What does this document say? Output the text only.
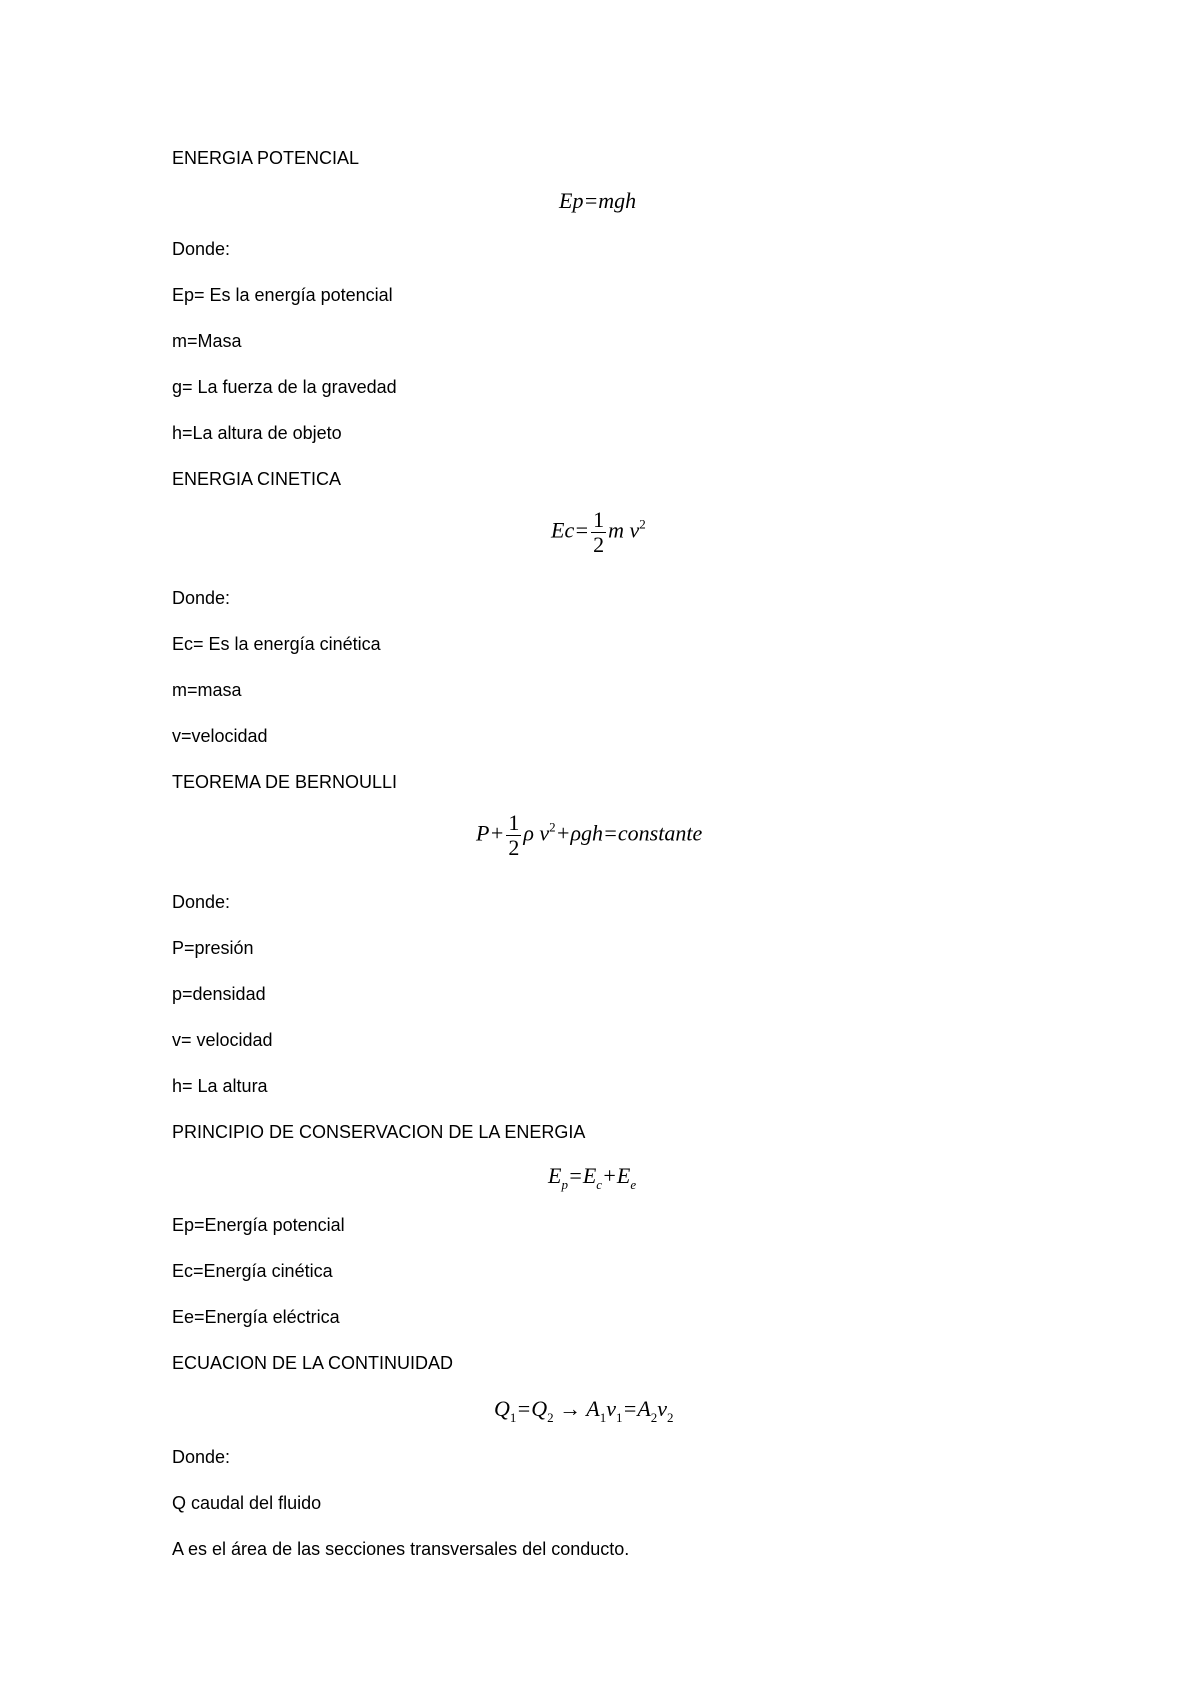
ENERGIA POTENCIAL
Ep=mgh
Donde:
Ep= Es la energía potencial
m=Masa
g= La fuerza de la gravedad
h=La altura de objeto
ENERGIA CINETICA
$Ec= \frac{1}{2}$ m $v^2$
Donde:
Ec= Es la energía cinética
m=masa
v=velocidad
TEOREMA DE BERNOULLI
$P+ \frac{1}{2}$ ρ $v^2+\rho gh=constante$
Donde:
P=presión
p=densidad
v= velocidad
h= La altura
PRINCIPIO DE CONSERVACION DE LA ENERGIA
$E_p=E_c+E_e$
Ep=Energía potencial
Ec=Energía cinética
Ee=Energía eléctrica
ECUACION DE LA CONTINUIDAD
$Q_1=Q_2 \to A_1v_1=A_2v_2$
Donde:
Q caudal del fluido
A es el área de las secciones transversales del conducto.
